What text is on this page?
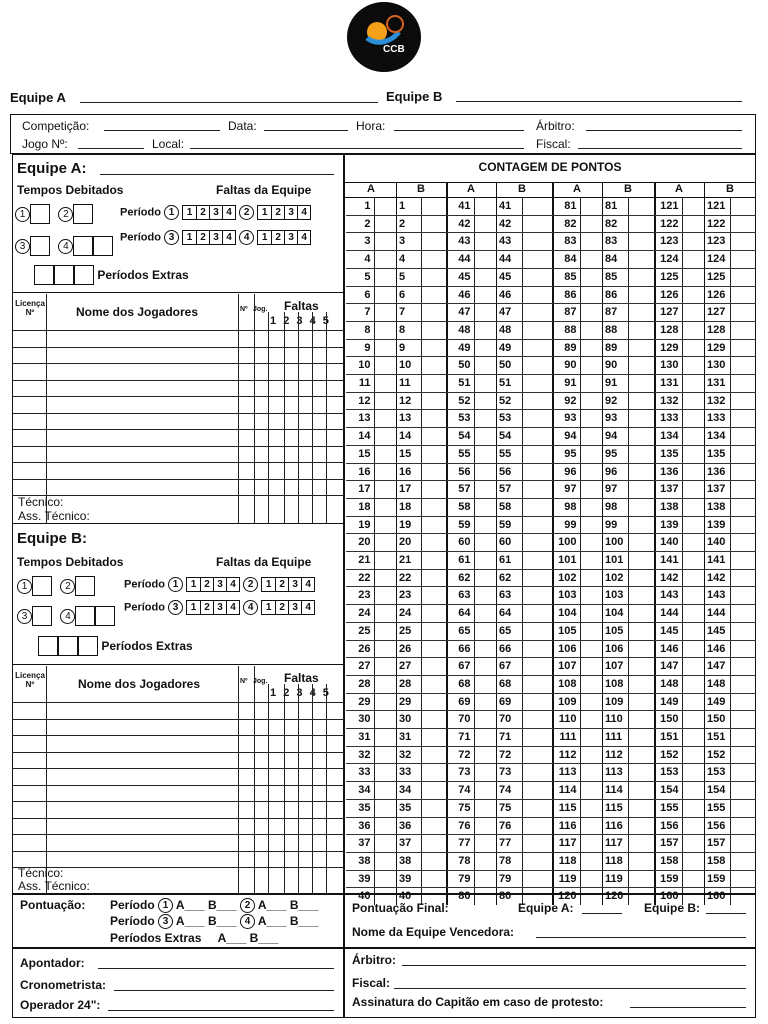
CCB
Equipe A	Equipe B
Competição:	Data:	Hora:	Árbitro:
Jogo Nº:	Local:	Fiscal:
Equipe A:
Tempos Debitados	Faltas da Equipe
1	2	Período 1 1 2 3 4 2 1 2 3 4
3	4
Período 3 1 2 3 4 4 1 2 3 4
Períodos Extras
Licença Nº	Nome dos Jogadores	Nº Jog. Faltas
1 2 3 4 5
Técnico:
Ass. Técnico:
Equipe B:
Tempos Debitados	Faltas da Equipe
1	2	Período 1 1 2 3 4 2 1 2 3 4
3	4
Período 3 1 2 3 4 4 1 2 3 4
Períodos Extras
Licença Nº	Nome dos Jogadores	Nº Jog. Faltas
1 2 3 4 5
Técnico:
Ass. Técnico:
CONTAGEM DE PONTOS
A	B
1	1
2	2
3	3
4	4
5	5
6	6
7	7
8	8
9	9
10	10
11	11
12	12
13	13
14	14
15	15
16	16
17	17
18	18
19	19
20	20
21	21
22	22
23	23
24	24
25	25
26	26
27	27
28	28
29	29
30	30
31	31
32	32
33	33
34	34
35	35
36	36
37	37
38	38
39	39
40	40
A	B
41	41
42	42
43	43
44	44
45	45
46	46
47	47
48	48
49	49
50	50
51	51
52	52
53	53
54	54
55	55
56	56
57	57
58	58
59	59
60	60
61	61
62	62
63	63
64	64
65	65
66	66
67	67
68	68
69	69
70	70
71	71
72	72
73	73
74	74
75	75
76	76
77	77
78	78
79	79
80	80
A	B
81	81
82	82
83	83
84	84
85	85
86	86
87	87
88	88
89	89
90	90
91	91
92	92
93	93
94	94
95	95
96	96
97	97
98	98
99	99
100	100
101	101
102	102
103	103
104	104
105	105
106	106
107	107
108	108
109	109
110	110
111	111
112	112
113	113
114	114
115	115
116	116
117	117
118	118
119	119
120	120
A	B
121	121
122	122
123	123
124	124
125	125
126	126
127	127
128	128
129	129
130	130
131	131
132	132
133	133
134	134
135	135
136	136
137	137
138	138
139	139
140	140
141	141
142	142
143	143
144	144
145	145
146	146
147	147
148	148
149	149
150	150
151	151
152	152
153	153
154	154
155	155
156	156
157	157
158	158
159	159
160	160
Pontuação: Período 1 A___ B___ 2 A___ B___
Período 3 A___ B___ 4 A___ B___
Períodos Extras A___ B___
Pontuação Final:	Equipe A:	Equipe B:
Nome da Equipe Vencedora:
Apontador:
Cronometrista:
Operador 24":
Árbitro:
Fiscal:
Assinatura do Capitão em caso de protesto:
